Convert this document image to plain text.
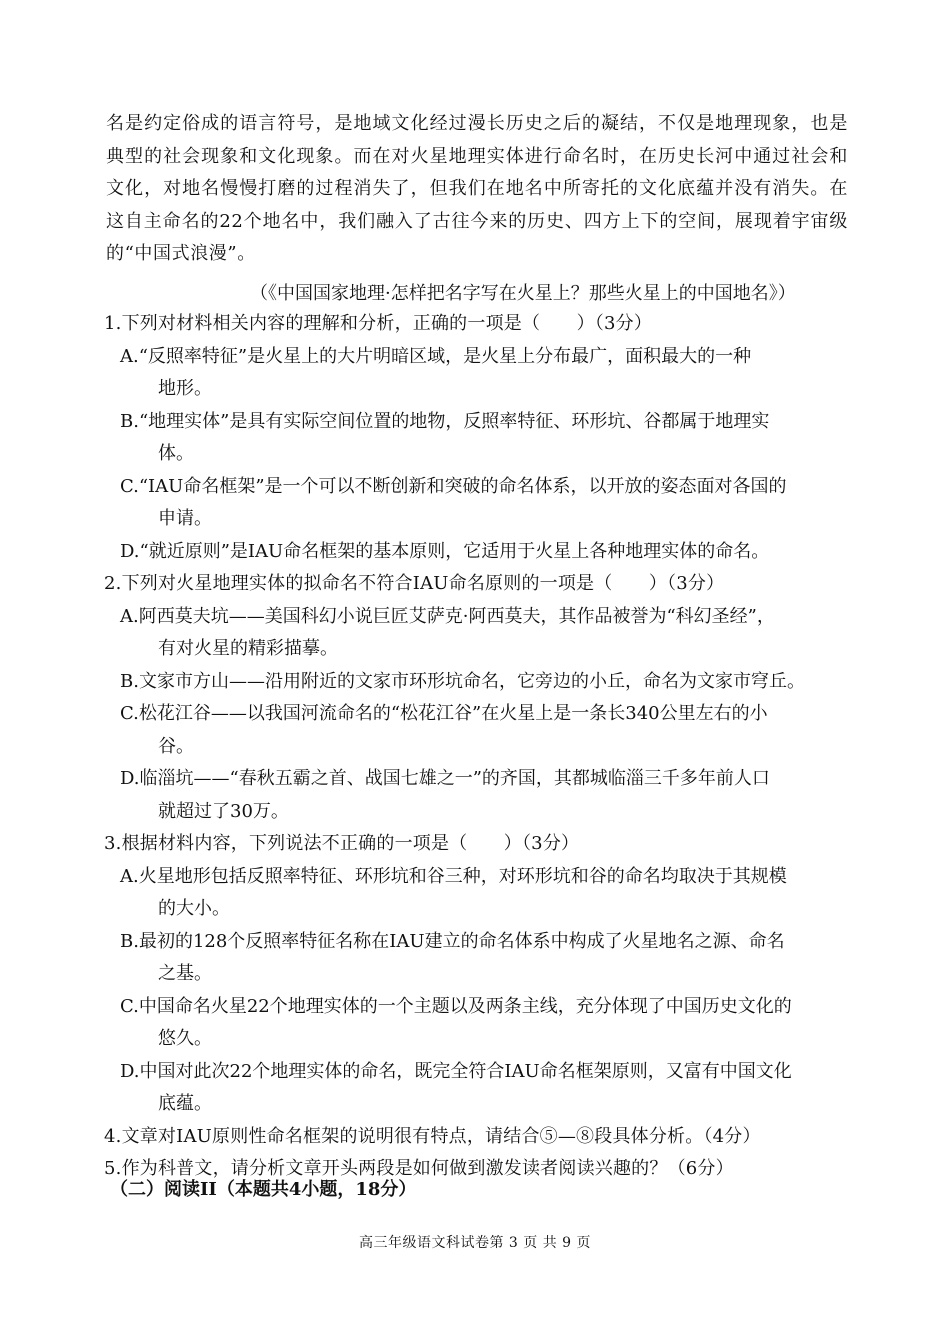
名是约定俗成的语言符号，是地域文化经过漫长历史之后的凝结，不仅是地理现象，也是典型的社会现象和文化现象。而在对火星地理实体进行命名时，在历史长河中通过社会和文化，对地名慢慢打磨的过程消失了，但我们在地名中所寄托的文化底蕴并没有消失。在这自主命名的22个地名中，我们融入了古往今来的历史、四方上下的空间，展现着宇宙级的“中国式浪漫”。
（《中国国家地理·怎样把名字写在火星上？那些火星上的中国地名》）
1.下列对材料相关内容的理解和分析，正确的一项是（　　）（3分）
A.“反照率特征”是火星上的大片明暗区域，是火星上分布最广，面积最大的一种
地形。
B.“地理实体”是具有实际空间位置的地物，反照率特征、环形坑、谷都属于地理实
体。
C.“IAU命名框架”是一个可以不断创新和突破的命名体系，以开放的姿态面对各国的
申请。
D.“就近原则”是IAU命名框架的基本原则，它适用于火星上各种地理实体的命名。
2.下列对火星地理实体的拟命名不符合IAU命名原则的一项是（　　）（3分）
A.阿西莫夫坑——美国科幻小说巨匠艾萨克·阿西莫夫，其作品被誉为“科幻圣经”，
有对火星的精彩描摹。
B.文家市方山——沿用附近的文家市环形坑命名，它旁边的小丘，命名为文家市穹丘。
C.松花江谷——以我国河流命名的“松花江谷”在火星上是一条长340公里左右的小
谷。
D.临淄坑——“春秋五霸之首、战国七雄之一”的齐国，其都城临淄三千多年前人口
就超过了30万。
3.根据材料内容，下列说法不正确的一项是（　　）（3分）
A.火星地形包括反照率特征、环形坑和谷三种，对环形坑和谷的命名均取决于其规模
的大小。
B.最初的128个反照率特征名称在IAU建立的命名体系中构成了火星地名之源、命名
之基。
C.中国命名火星22个地理实体的一个主题以及两条主线，充分体现了中国历史文化的
悠久。
D.中国对此次22个地理实体的命名，既完全符合IAU命名框架原则，又富有中国文化
底蕴。
4.文章对IAU原则性命名框架的说明很有特点，请结合⑤—⑧段具体分析。（4分）
5.作为科普文，请分析文章开头两段是如何做到激发读者阅读兴趣的？（6分）
（二）阅读II（本题共4小题，18分）
高三年级语文科试卷第 3 页 共 9 页
